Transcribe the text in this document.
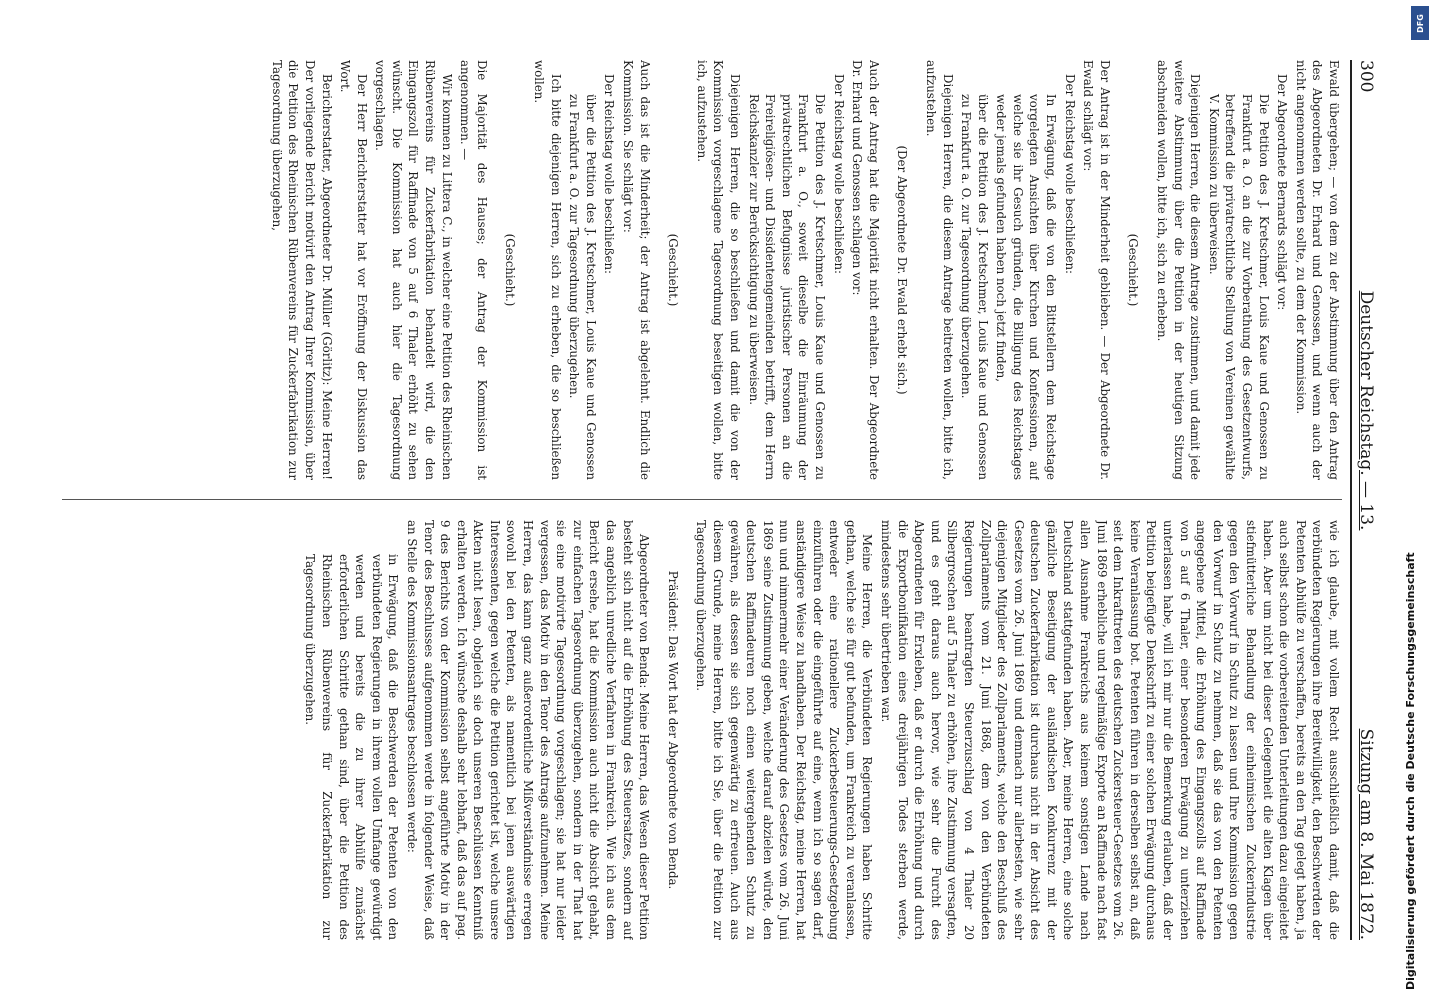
300
Deutscher Reichstag. — 13.
Sitzung am 8. Mai 1872.

Ewald übergehen; — von dem zu der Abstimmung über den Antrag des Abgeordneten Dr. Erhard und Genossen, und wenn auch der nicht angenommen werden sollte, zu dem der Kommission.

Der Abgeordnete Bernards schlägt vor:

Die Petition des J. Kretschmer, Louis Kaue und Genossen zu Frankfurt a. O. an die zur Vorberathung des Gesetzentwurfs, betreffend die privatrechtliche Stellung von Vereinen gewählte V. Kommission zu überweisen.

Diejenigen Herren, die diesem Antrage zustimmen, und damit jede weitere Abstimmung über die Petition in der heutigen Sitzung abschneiden wollen, bitte ich, sich zu erheben.

(Geschieht.)

Der Antrag ist in der Minderheit geblieben. — Der Abgeordnete Dr. Ewald schlägt vor:

Der Reichstag wolle beschließen:

In Erwägung, daß die von den Bittstellern dem Reichstage vorgelegten Ansichten über Kirchen und Konfessionen, auf welche sie ihr Gesuch gründen, die Billigung des Reichstages weder jemals gefunden haben noch jetzt finden,

über die Petition des J. Kretschmer, Louis Kaue und Genossen zu Frankfurt a. O. zur Tagesordnung überzugehen.

Diejenigen Herren, die diesem Antrage beitreten wollen, bitte ich, aufzustehen.

(Der Abgeordnete Dr. Ewald erhebt sich.)

Auch der Antrag hat die Majorität nicht erhalten. Der Abgeordnete Dr. Erhard und Genossen schlagen vor:

Der Reichstag wolle beschließen:

Die Petition des J. Kretschmer, Louis Kaue und Genossen zu Frankfurt a. O., soweit dieselbe die Einräumung der privatrechtlichen Befugnisse juristischer Personen an die Freireligiösen- und Dissidentengemeinden betrifft, dem Herrn Reichskanzler zur Berücksichtigung zu überweisen.

Diejenigen Herren, die so beschließen und damit die von der Kommission vorgeschlagene Tagesordnung beseitigen wollen, bitte ich, aufzustehen.

(Geschieht.)

Auch das ist die Minderheit; der Antrag ist abgelehnt. Endlich die Kommission. Sie schlägt vor:

Der Reichstag wolle beschließen:

über die Petition des J. Kretschmer, Louis Kaue und Genossen zu Frankfurt a. O. zur Tagesordnung überzugehen.

Ich bitte diejenigen Herren, sich zu erheben, die so beschließen wollen.

(Geschieht.)

Die Majorität des Hauses; der Antrag der Kommission ist angenommen. —

Wir kommen zu Littera C., in welcher eine Petition des Rheinischen Rübenvereins für Zuckerfabrikation behandelt wird, die den Eingangszoll für Raffinade von 5 auf 6 Thaler erhöht zu sehen wünscht. Die Kommission hat auch hier die Tagesordnung vorgeschlagen.

Der Herr Berichterstatter hat vor Eröffnung der Diskussion das Wort.

Berichterstatter, Abgeordneter Dr. Müller (Görlitz): Meine Herren! Der vorliegende Bericht motivirt den Antrag Ihrer Kommission, über die Petition des Rheinischen Rübenvereins für Zuckerfabrikation zur Tagesordnung überzugehen,

wie ich glaube, mit vollem Recht ausschließlich damit, daß die verbündeten Regierungen ihre Bereitwilligkeit, den Beschwerden der Petenten Abhülfe zu verschaffen, bereits an den Tag gelegt haben, ja auch selbst schon die vorbereitenden Unterleitungen dazu eingeleitet haben. Aber um nicht bei dieser Gelegenheit die alten Klagen über stiefmütterliche Behandlung der einheimischen Zuckerindustrie gegen den Vorwurf in Schutz zu lassen und Ihre Kommission gegen den Vorwurf in Schutz zu nehmen, daß sie das von den Petenten angegebene Mittel, die Erhöhung des Eingangszolls auf Raffinade von 5 auf 6 Thaler, einer besonderen Erwägung zu unterziehen unterlassen habe, will ich mir nur die Bemerkung erlauben, daß der Petition beigefügte Denkschrift zu einer solchen Erwägung durchaus keine Veranlassung bot. Petenten führen in derselben selbst an, daß seit dem Inkrafttreten des deutschen Zuckersteuer-Gesetzes vom 26. Juni 1869 erhebliche und regelmäßige Exporte an Raffinade nach fast allen Ausnahme Frankreichs aus keinem sonstigen Lande nach Deutschland stattgefunden haben. Aber, meine Herren, eine solche gänzliche Beseitigung der ausländischen Konkurrenz mit der deutschen Zuckerfabrikation ist durchaus nicht in der Absicht des Gesetzes vom 26. Juni 1869 und demnach nur allerbesten, wie sehr diejenigen Mitglieder des Zollparlaments, welche den Beschluß des Zollparlaments vom 21. Juni 1868, dem von den Verbündeten Regierungen beantragten Steuerzuschlag von 4 Thaler 20 Silbergroschen auf 5 Thaler zu erhöhen, ihre Zustimmung versagten, und es geht daraus auch hervor, wie sehr die Furcht des Abgeordneten für Erxleben, daß er durch die Erhöhung und durch die Exportbonifikation eines dreijährigen Todes sterben werde, mindestens sehr übertrieben war.

Meine Herren, die Verbündeten Regierungen haben Schritte gethan, welche sie für gut befunden, um Frankreich zu veranlassen, entweder eine rationellere Zuckerbesteuerungs-Gesetzgebung einzuführen oder die eingeführte auf eine, wenn ich so sagen darf, anständigere Weise zu handhaben. Der Reichstag, meine Herren, hat nun und nimmermehr einer Veränderung des Gesetzes vom 26. Juni 1869 seine Zustimmung geben, welche darauf abzielen würde, den deutschen Raffinadeuren noch einen weitergehenden Schutz zu gewähren, als dessen sie sich gegenwärtig zu erfreuen. Auch aus diesem Grunde, meine Herren, bitte ich Sie, über die Petition zur Tagesordnung überzugehen.

Präsident: Das Wort hat der Abgeordnete von Benda.

Abgeordneter von Benda: Meine Herren, das Wesen dieser Petition besteht sich nicht auf die Erhöhung des Steuersatzes, sondern auf das angeblich unredliche Verfahren in Frankreich. Wie ich aus dem Bericht ersehe, hat die Kommission auch nicht die Absicht gehabt, zur einfachen Tagesordnung überzugehen, sondern in der That hat sie eine motivirte Tagesordnung vorgeschlagen; sie hat nur leider vergessen, das Motiv in den Tenor des Antrags aufzunehmen. Meine Herren, das kann ganz außerordentliche Mißverständnisse erregen sowohl bei den Petenten, als namentlich bei jenen auswärtigen Interessenten, gegen welche die Petition gerichtet ist, welche unsere Akten nicht lesen, obgleich sie doch unseren Beschlüssen Kenntniß erhalten werden. Ich wünsche deshalb sehr lebhaft, daß das auf pag. 9 des Berichts von der Kommission selbst angeführte Motiv in der Tenor des Beschlusses aufgenommen werde in folgender Weise, daß an Stelle des Kommissionsantrages beschlossen werde:

in Erwägung, daß die Beschwerden der Petenten von den verbündeten Regierungen in ihrem vollen Umfange gewürdigt werden und bereits die zu ihrer Abhülfe zunächst erforderlichen Schritte gethan sind, über die Petition des Rheinischen Rübenvereins für Zuckerfabrikation zur Tagesordnung überzugehen.	Digitalisierung gefördert durch die Deutsche Forschungsgemeinschaft
DFG
